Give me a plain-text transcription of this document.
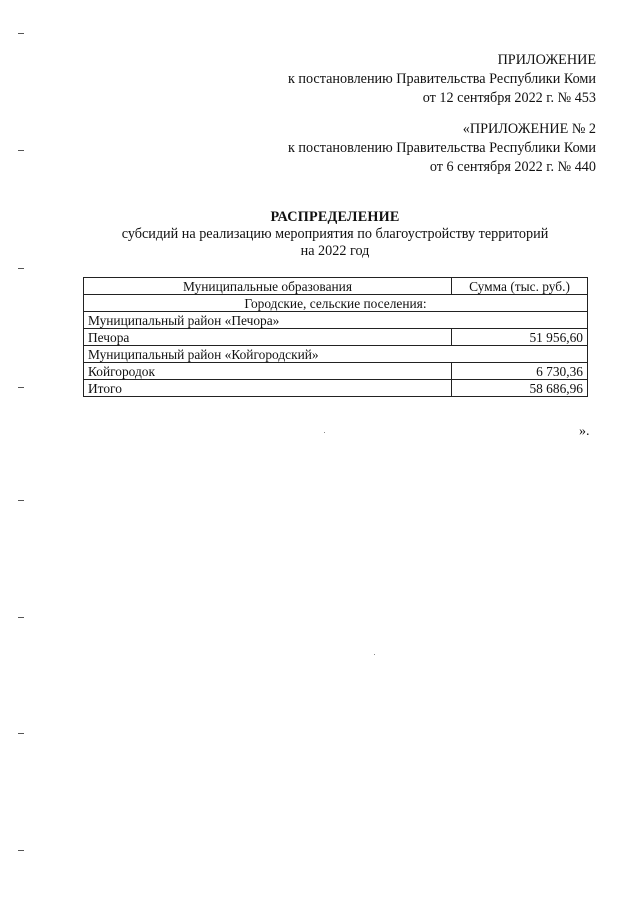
ПРИЛОЖЕНИЕ
к постановлению Правительства Республики Коми
от 12 сентября 2022 г. № 453
«ПРИЛОЖЕНИЕ № 2
к постановлению Правительства Республики Коми
от 6 сентября 2022 г. № 440
РАСПРЕДЕЛЕНИЕ
субсидий на реализацию мероприятия по благоустройству территорий
на 2022 год
Муниципальные образования	Сумма (тыс. руб.)
Городские, сельские поселения:	
Муниципальный район «Печора»	
Печора	51 956,60
Муниципальный район «Койгородский»	
Койгородок	6 730,36
Итого	58 686,96
».
